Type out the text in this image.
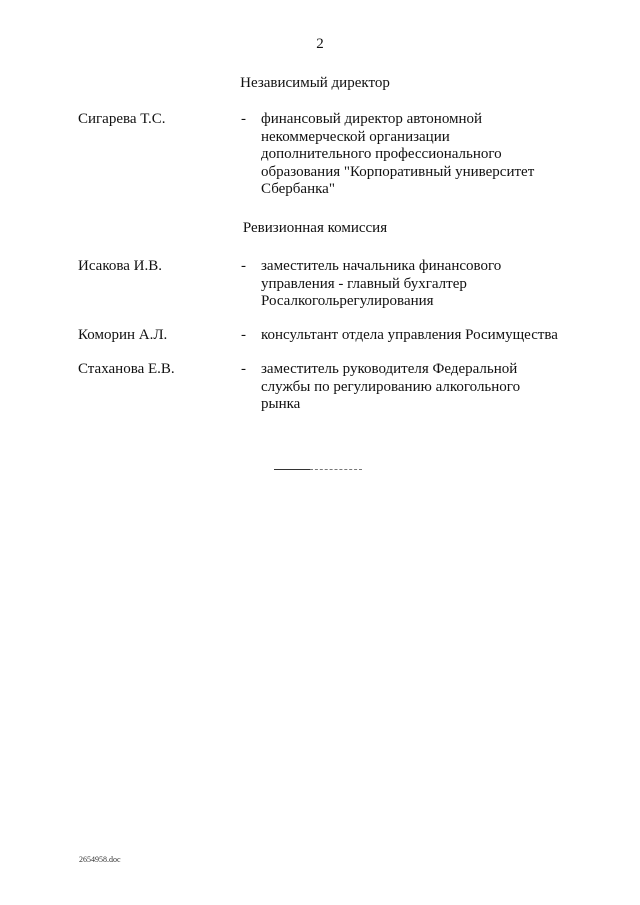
2
Независимый директор
Сигарева Т.С.	- финансовый директор автономной некоммерческой организации дополнительного профессионального образования "Корпоративный университет Сбербанка"
Ревизионная комиссия
Исакова И.В.	- заместитель начальника финансового управления - главный бухгалтер Росалкогольрегулирования
Коморин А.Л.	- консультант отдела управления Росимущества
Стаханова Е.В.	- заместитель руководителя Федеральной службы по регулированию алкогольного рынка
2654958.doc
